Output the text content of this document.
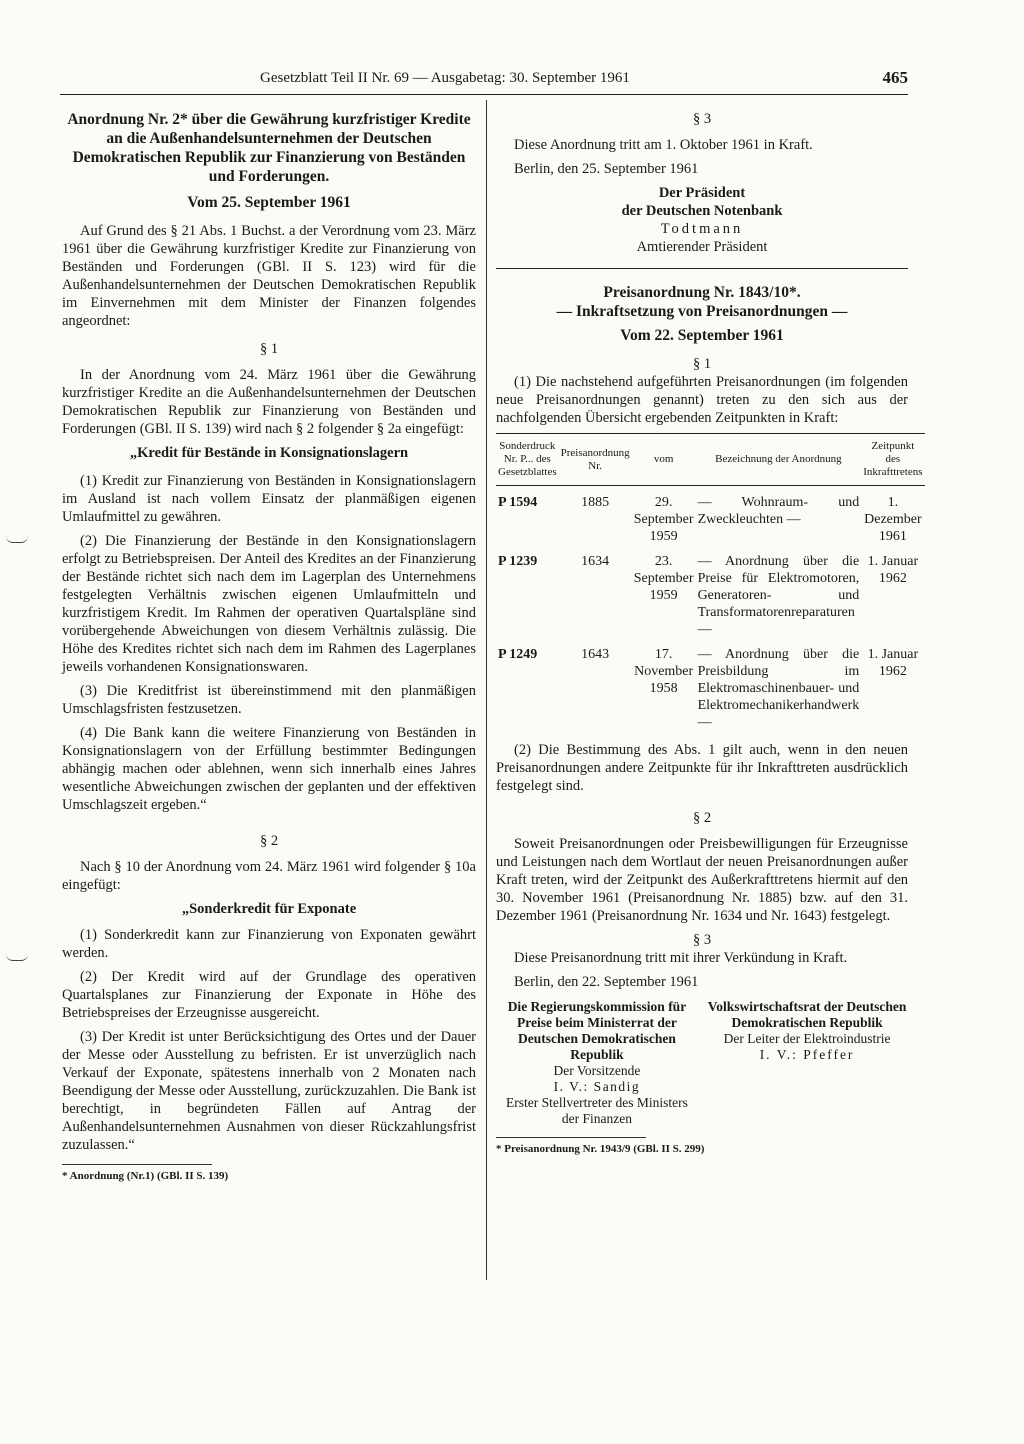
Gesetzblatt Teil II Nr. 69 — Ausgabetag: 30. September 1961	465
Anordnung Nr. 2* über die Gewährung kurzfristiger Kredite an die Außenhandelsunternehmen der Deutschen Demokratischen Republik zur Finanzierung von Beständen und Forderungen.
Vom 25. September 1961

Auf Grund des § 21 Abs. 1 Buchst. a der Verordnung vom 23. März 1961 über die Gewährung kurzfristiger Kredite zur Finanzierung von Beständen und Forderungen (GBl. II S. 123) wird für die Außenhandelsunternehmen der Deutschen Demokratischen Republik im Einvernehmen mit dem Minister der Finanzen folgendes angeordnet:

§ 1

In der Anordnung vom 24. März 1961 über die Gewährung kurzfristiger Kredite an die Außenhandelsunternehmen der Deutschen Demokratischen Republik zur Finanzierung von Beständen und Forderungen (GBl. II S. 139) wird nach § 2 folgender § 2a eingefügt:

„Kredit für Bestände in Konsignationslagern

(1) Kredit zur Finanzierung von Beständen in Konsignationslagern im Ausland ist nach vollem Einsatz der planmäßigen eigenen Umlaufmittel zu gewähren.

(2) Die Finanzierung der Bestände in den Konsignationslagern erfolgt zu Betriebspreisen. Der Anteil des Kredites an der Finanzierung der Bestände richtet sich nach dem im Lagerplan des Unternehmens festgelegten Verhältnis zwischen eigenen Umlaufmitteln und kurzfristigem Kredit. Im Rahmen der operativen Quartalspläne sind vorübergehende Abweichungen von diesem Verhältnis zulässig. Die Höhe des Kredites richtet sich nach dem im Rahmen des Lagerplanes jeweils vorhandenen Konsignationswaren.

(3) Die Kreditfrist ist übereinstimmend mit den planmäßigen Umschlagsfristen festzusetzen.

(4) Die Bank kann die weitere Finanzierung von Beständen in Konsignationslagern von der Erfüllung bestimmter Bedingungen abhängig machen oder ablehnen, wenn sich innerhalb eines Jahres wesentliche Abweichungen zwischen der geplanten und der effektiven Umschlagszeit ergeben.“

§ 2

Nach § 10 der Anordnung vom 24. März 1961 wird folgender § 10a eingefügt:

„Sonderkredit für Exponate

(1) Sonderkredit kann zur Finanzierung von Exponaten gewährt werden.

(2) Der Kredit wird auf der Grundlage des operativen Quartalsplanes zur Finanzierung der Exponate in Höhe des Betriebspreises der Erzeugnisse ausgereicht.

(3) Der Kredit ist unter Berücksichtigung des Ortes und der Dauer der Messe oder Ausstellung zu befristen. Er ist unverzüglich nach Verkauf der Exponate, spätestens innerhalb von 2 Monaten nach Beendigung der Messe oder Ausstellung, zurückzuzahlen. Die Bank ist berechtigt, in begründeten Fällen auf Antrag der Außenhandelsunternehmen Ausnahmen von dieser Rückzahlungsfrist zuzulassen.“

* Anordnung (Nr.1) (GBl. II S. 139)
§ 3

Diese Anordnung tritt am 1. Oktober 1961 in Kraft.

Berlin, den 25. September 1961

Der Präsident
der Deutschen Notenbank
Todtmann
Amtierender Präsident
Preisanordnung Nr. 1843/10*.
— Inkraftsetzung von Preisanordnungen —
Vom 22. September 1961
§ 1

(1) Die nachstehend aufgeführten Preisanordnungen (im folgenden neue Preisanordnungen genannt) treten zu den sich aus der nachfolgenden Übersicht ergebenden Zeitpunkten in Kraft:

Sonderdruck Nr. P... des Gesetzblattes	Preisanordnung Nr.	vom	Bezeichnung der Anordnung	Zeitpunkt des Inkrafttretens
P 1594	1885	29. September 1959	— Wohnraum- und Zweckleuchten —	1. Dezember 1961
P 1239	1634	23. September 1959	— Anordnung über die Preise für Elektromotoren, Generatoren- und Transformatorenreparaturen —	1. Januar 1962
P 1249	1643	17. November 1958	— Anordnung über die Preisbildung im Elektromaschinenbauer- und Elektromechanikerhandwerk —	1. Januar 1962

(2) Die Bestimmung des Abs. 1 gilt auch, wenn in den neuen Preisanordnungen andere Zeitpunkte für ihr Inkrafttreten ausdrücklich festgelegt sind.

§ 2

Soweit Preisanordnungen oder Preisbewilligungen für Erzeugnisse und Leistungen nach dem Wortlaut der neuen Preisanordnungen außer Kraft treten, wird der Zeitpunkt des Außerkrafttretens hiermit auf den 30. November 1961 (Preisanordnung Nr. 1885) bzw. auf den 31. Dezember 1961 (Preisanordnung Nr. 1634 und Nr. 1643) festgelegt.

§ 3

Diese Preisanordnung tritt mit ihrer Verkündung in Kraft.

Berlin, den 22. September 1961

Die Regierungskommission für Preise beim Ministerrat der Deutschen Demokratischen Republik
Der Vorsitzende
I. V.: Sandig
Erster Stellvertreter des Ministers der Finanzen
Volkswirtschaftsrat der Deutschen Demokratischen Republik
Der Leiter der Elektroindustrie
I. V.: Pfeffer
* Preisanordnung Nr. 1943/9 (GBl. II S. 299)
